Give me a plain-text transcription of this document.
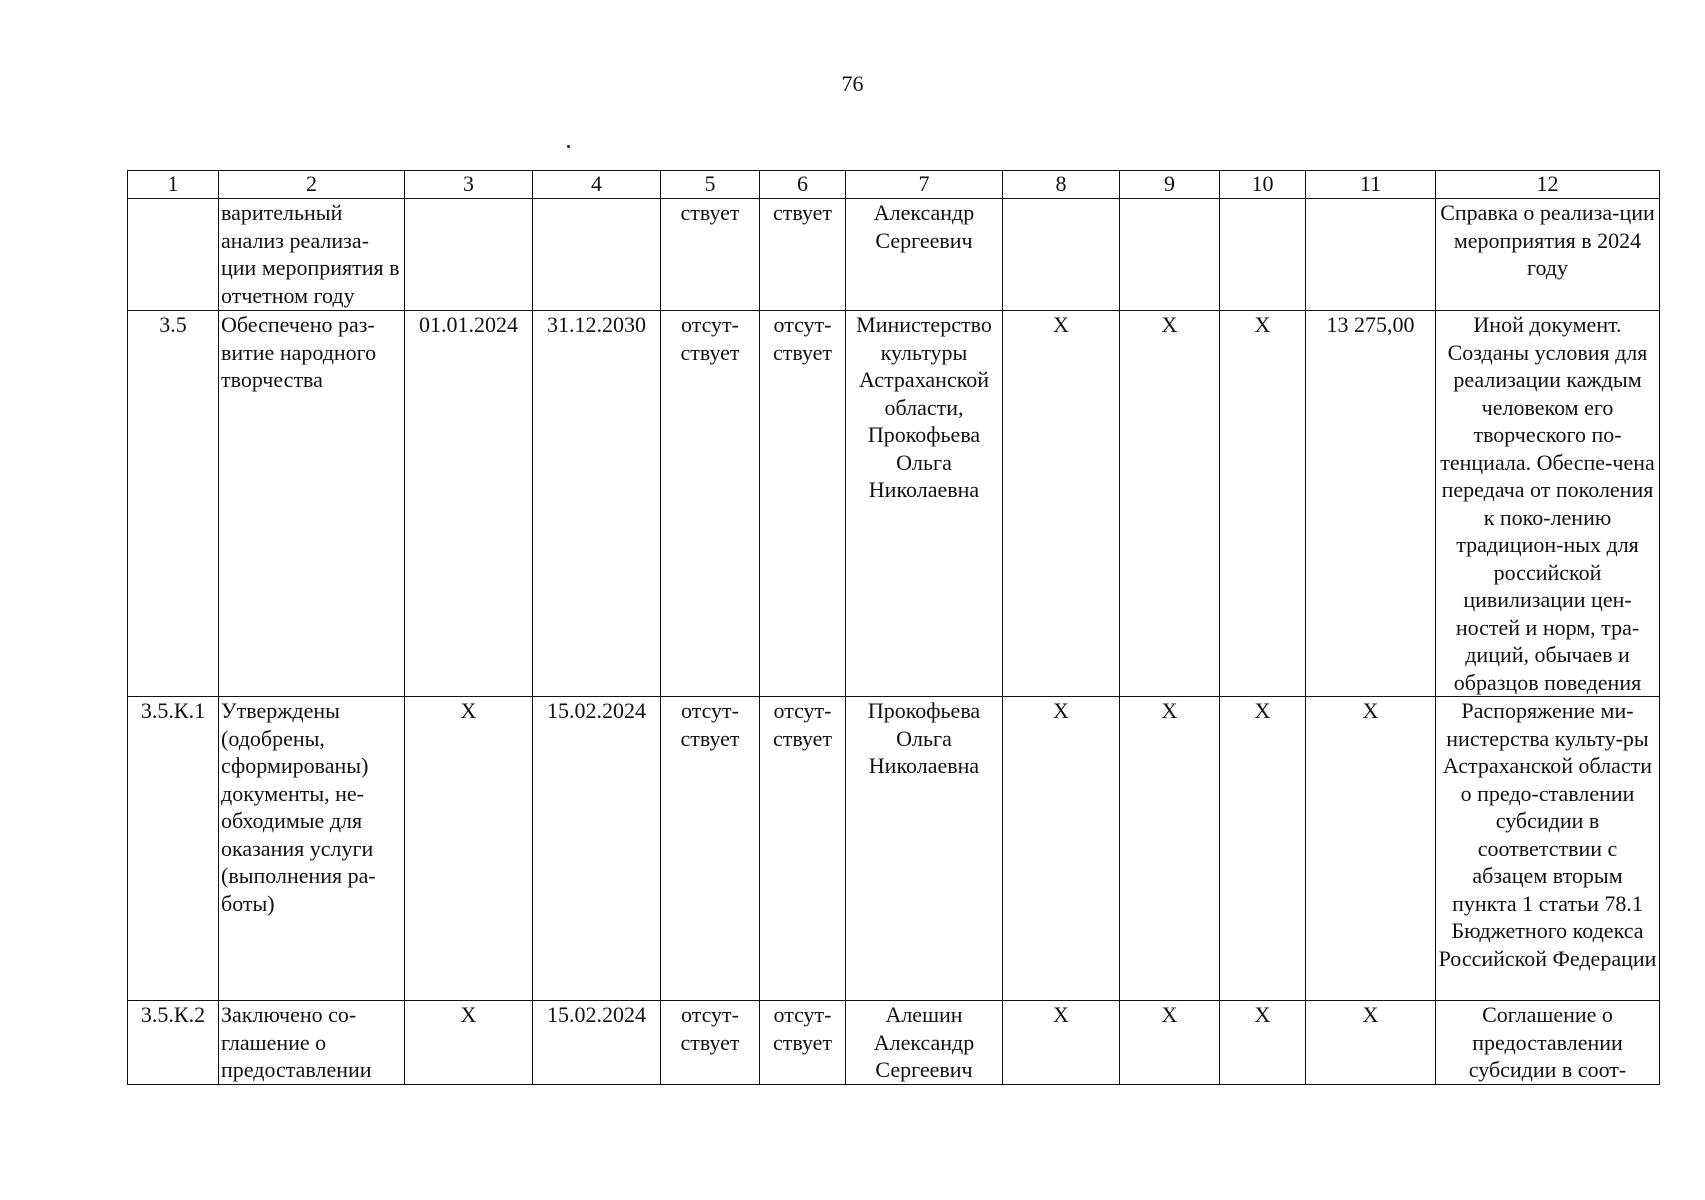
76
1	2	3	4	5	6	7	8	9	10	11	12
	варительный анализ реализа-ции мероприятия в отчетном году			ствует	ствует	Александр Сергеевич					Справка о реализа-ции мероприятия в 2024 году
3.5	Обеспечено раз-витие народного творчества	01.01.2024	31.12.2030	отсут-ствует	отсут-ствует	Министерство культуры Астраханской области, Прокофьева Ольга Николаевна	X	X	X	13 275,00	Иной документ. Созданы условия для реализации каждым человеком его творческого по-тенциала. Обеспе-чена передача от поколения к поко-лению традицион-ных для российской цивилизации цен-ностей и норм, тра-диций, обычаев и образцов поведения
3.5.К.1	Утверждены (одобрены, сформированы) документы, не-обходимые для оказания услуги (выполнения ра-боты)	X	15.02.2024	отсут-ствует	отсут-ствует	Прокофьева Ольга Николаевна	X	X	X	X	Распоряжение ми-нистерства культу-ры Астраханской области о предо-ставлении субсидии в соответствии с абзацем вторым пункта 1 статьи 78.1 Бюджетного кодекса Российской Федерации
3.5.К.2	Заключено со-глашение о предоставлении	X	15.02.2024	отсут-ствует	отсут-ствует	Алешин Александр Сергеевич	X	X	X	X	Соглашение о предоставлении субсидии в соот-
